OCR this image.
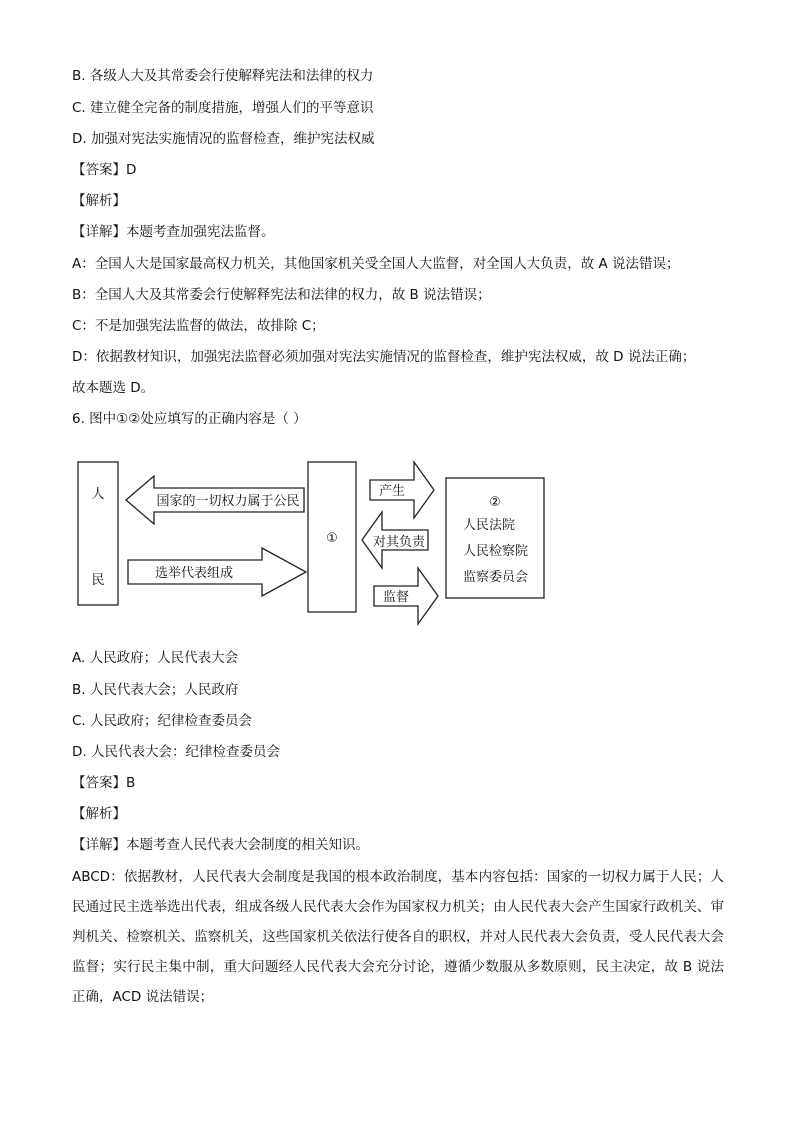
B. 各级人大及其常委会行使解释宪法和法律的权力
C. 建立健全完备的制度措施，增强人们的平等意识
D. 加强对宪法实施情况的监督检查，维护宪法权威
【答案】D
【解析】
【详解】本题考查加强宪法监督。
A：全国人大是国家最高权力机关，其他国家机关受全国人大监督，对全国人大负责，故 A 说法错误；
B：全国人大及其常委会行使解释宪法和法律的权力，故 B 说法错误；
C：不是加强宪法监督的做法，故排除 C；
D：依据教材知识，加强宪法监督必须加强对宪法实施情况的监督检查，维护宪法权威，故 D 说法正确；
故本题选 D。
6. 图中①②处应填写的正确内容是（ ）
人
民
国家的一切权力属于公民
选举代表组成
①
产生
对其负责
监督
②
人民法院
人民检察院
监察委员会
A. 人民政府；人民代表大会
B. 人民代表大会；人民政府
C. 人民政府；纪律检查委员会
D. 人民代表大会：纪律检查委员会
【答案】B
【解析】
【详解】本题考查人民代表大会制度的相关知识。
ABCD：依据教材，人民代表大会制度是我国的根本政治制度，基本内容包括：国家的一切权力属于人民；人民通过民主选举选出代表，组成各级人民代表大会作为国家权力机关；由人民代表大会产生国家行政机关、审判机关、检察机关、监察机关，这些国家机关依法行使各自的职权，并对人民代表大会负责，受人民代表大会监督；实行民主集中制，重大问题经人民代表大会充分讨论，遵循少数服从多数原则，民主决定，故 B 说法正确，ACD 说法错误；
